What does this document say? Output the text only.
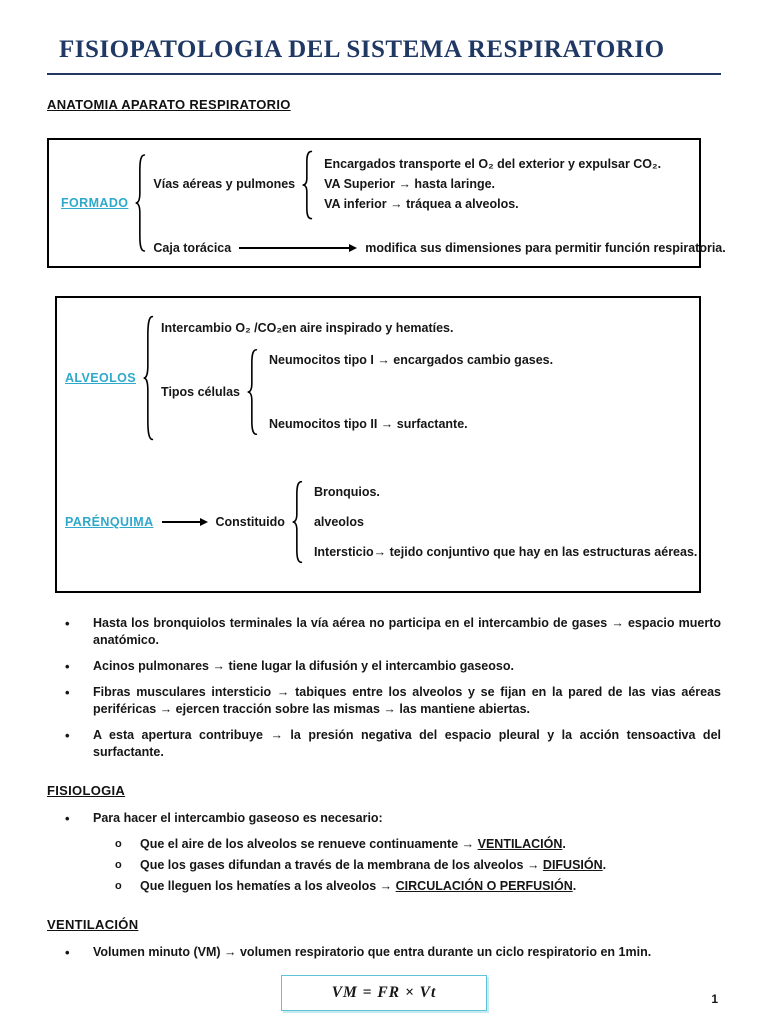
FISIOPATOLOGIA DEL SISTEMA RESPIRATORIO
ANATOMIA APARATO RESPIRATORIO
FORMADO
Vías aéreas y pulmones
Encargados transporte el O₂ del exterior y expulsar CO₂.
VA Superior → hasta laringe.
VA inferior → tráquea a alveolos.
Caja torácica	modifica sus dimensiones para permitir función respiratoria.
ALVEOLOS
Intercambio O₂ /CO₂en aire inspirado y hematíes.
Tipos células
Neumocitos tipo I → encargados cambio gases.
Neumocitos tipo II → surfactante.
PARÉNQUIMA	Constituido
Bronquios.
alveolos
Intersticio→ tejido conjuntivo que hay en las estructuras aéreas.
• Hasta los bronquiolos terminales la vía aérea no participa en el intercambio de gases → espacio muerto anatómico.
• Acinos pulmonares → tiene lugar la difusión y el intercambio gaseoso.
• Fibras musculares intersticio → tabiques entre los alveolos y se fijan en la pared de las vias aéreas periféricas → ejercen tracción sobre las mismas → las mantiene abiertas.
• A esta apertura contribuye → la presión negativa del espacio pleural y la acción tensoactiva del surfactante.
FISIOLOGIA
• Para hacer el intercambio gaseoso es necesario:
o Que el aire de los alveolos se renueve continuamente → VENTILACIÓN.
o Que los gases difundan a través de la membrana de los alveolos → DIFUSIÓN.
o Que lleguen los hematíes a los alveolos → CIRCULACIÓN O PERFUSIÓN.
VENTILACIÓN
• Volumen minuto (VM) → volumen respiratorio que entra durante un ciclo respiratorio en 1min.
VM = FR × Vt	1
